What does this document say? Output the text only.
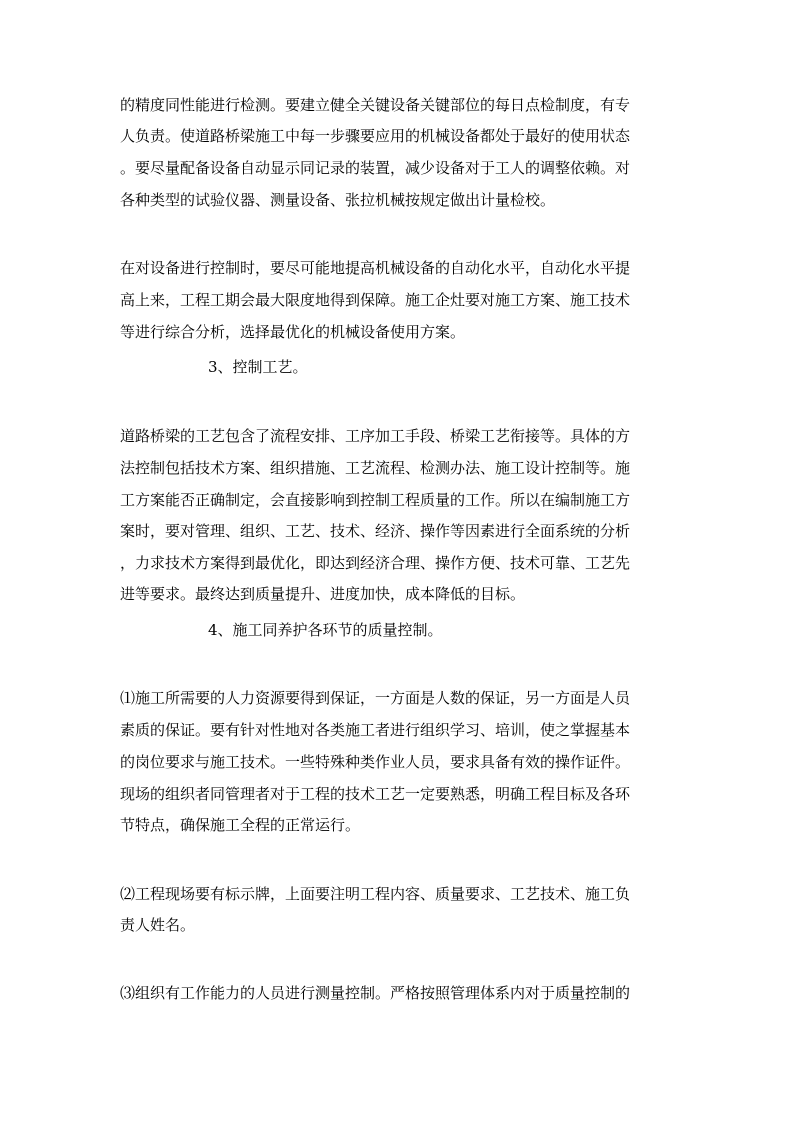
的精度同性能进行检测。要建立健全关键设备关键部位的每日点检制度，有专
人负责。使道路桥梁施工中每一步骤要应用的机械设备都处于最好的使用状态
。要尽量配备设备自动显示同记录的装置，减少设备对于工人的调整依赖。对
各种类型的试验仪器、测量设备、张拉机械按规定做出计量检校。
在对设备进行控制时，要尽可能地提高机械设备的自动化水平，自动化水平提
高上来，工程工期会最大限度地得到保障。施工企灶要对施工方案、施工技术
等进行综合分析，选择最优化的机械设备使用方案。
3、控制工艺。
道路桥梁的工艺包含了流程安排、工序加工手段、桥梁工艺衔接等。具体的方
法控制包括技术方案、组织措施、工艺流程、检测办法、施工设计控制等。施
工方案能否正确制定，会直接影响到控制工程质量的工作。所以在编制施工方
案时，要对管理、组织、工艺、技术、经济、操作等因素进行全面系统的分析
，力求技术方案得到最优化，即达到经济合理、操作方便、技术可靠、工艺先
进等要求。最终达到质量提升、进度加快，成本降低的目标。
4、施工同养护各环节的质量控制。
⑴施工所需要的人力资源要得到保证，一方面是人数的保证，另一方面是人员
素质的保证。要有针对性地对各类施工者进行组织学习、培训，使之掌握基本
的岗位要求与施工技术。一些特殊种类作业人员，要求具备有效的操作证件。
现场的组织者同管理者对于工程的技术工艺一定要熟悉，明确工程目标及各环
节特点，确保施工全程的正常运行。
⑵工程现场要有标示牌，上面要注明工程内容、质量要求、工艺技术、施工负
责人姓名。
⑶组织有工作能力的人员进行测量控制。严格按照管理体系内对于质量控制的
